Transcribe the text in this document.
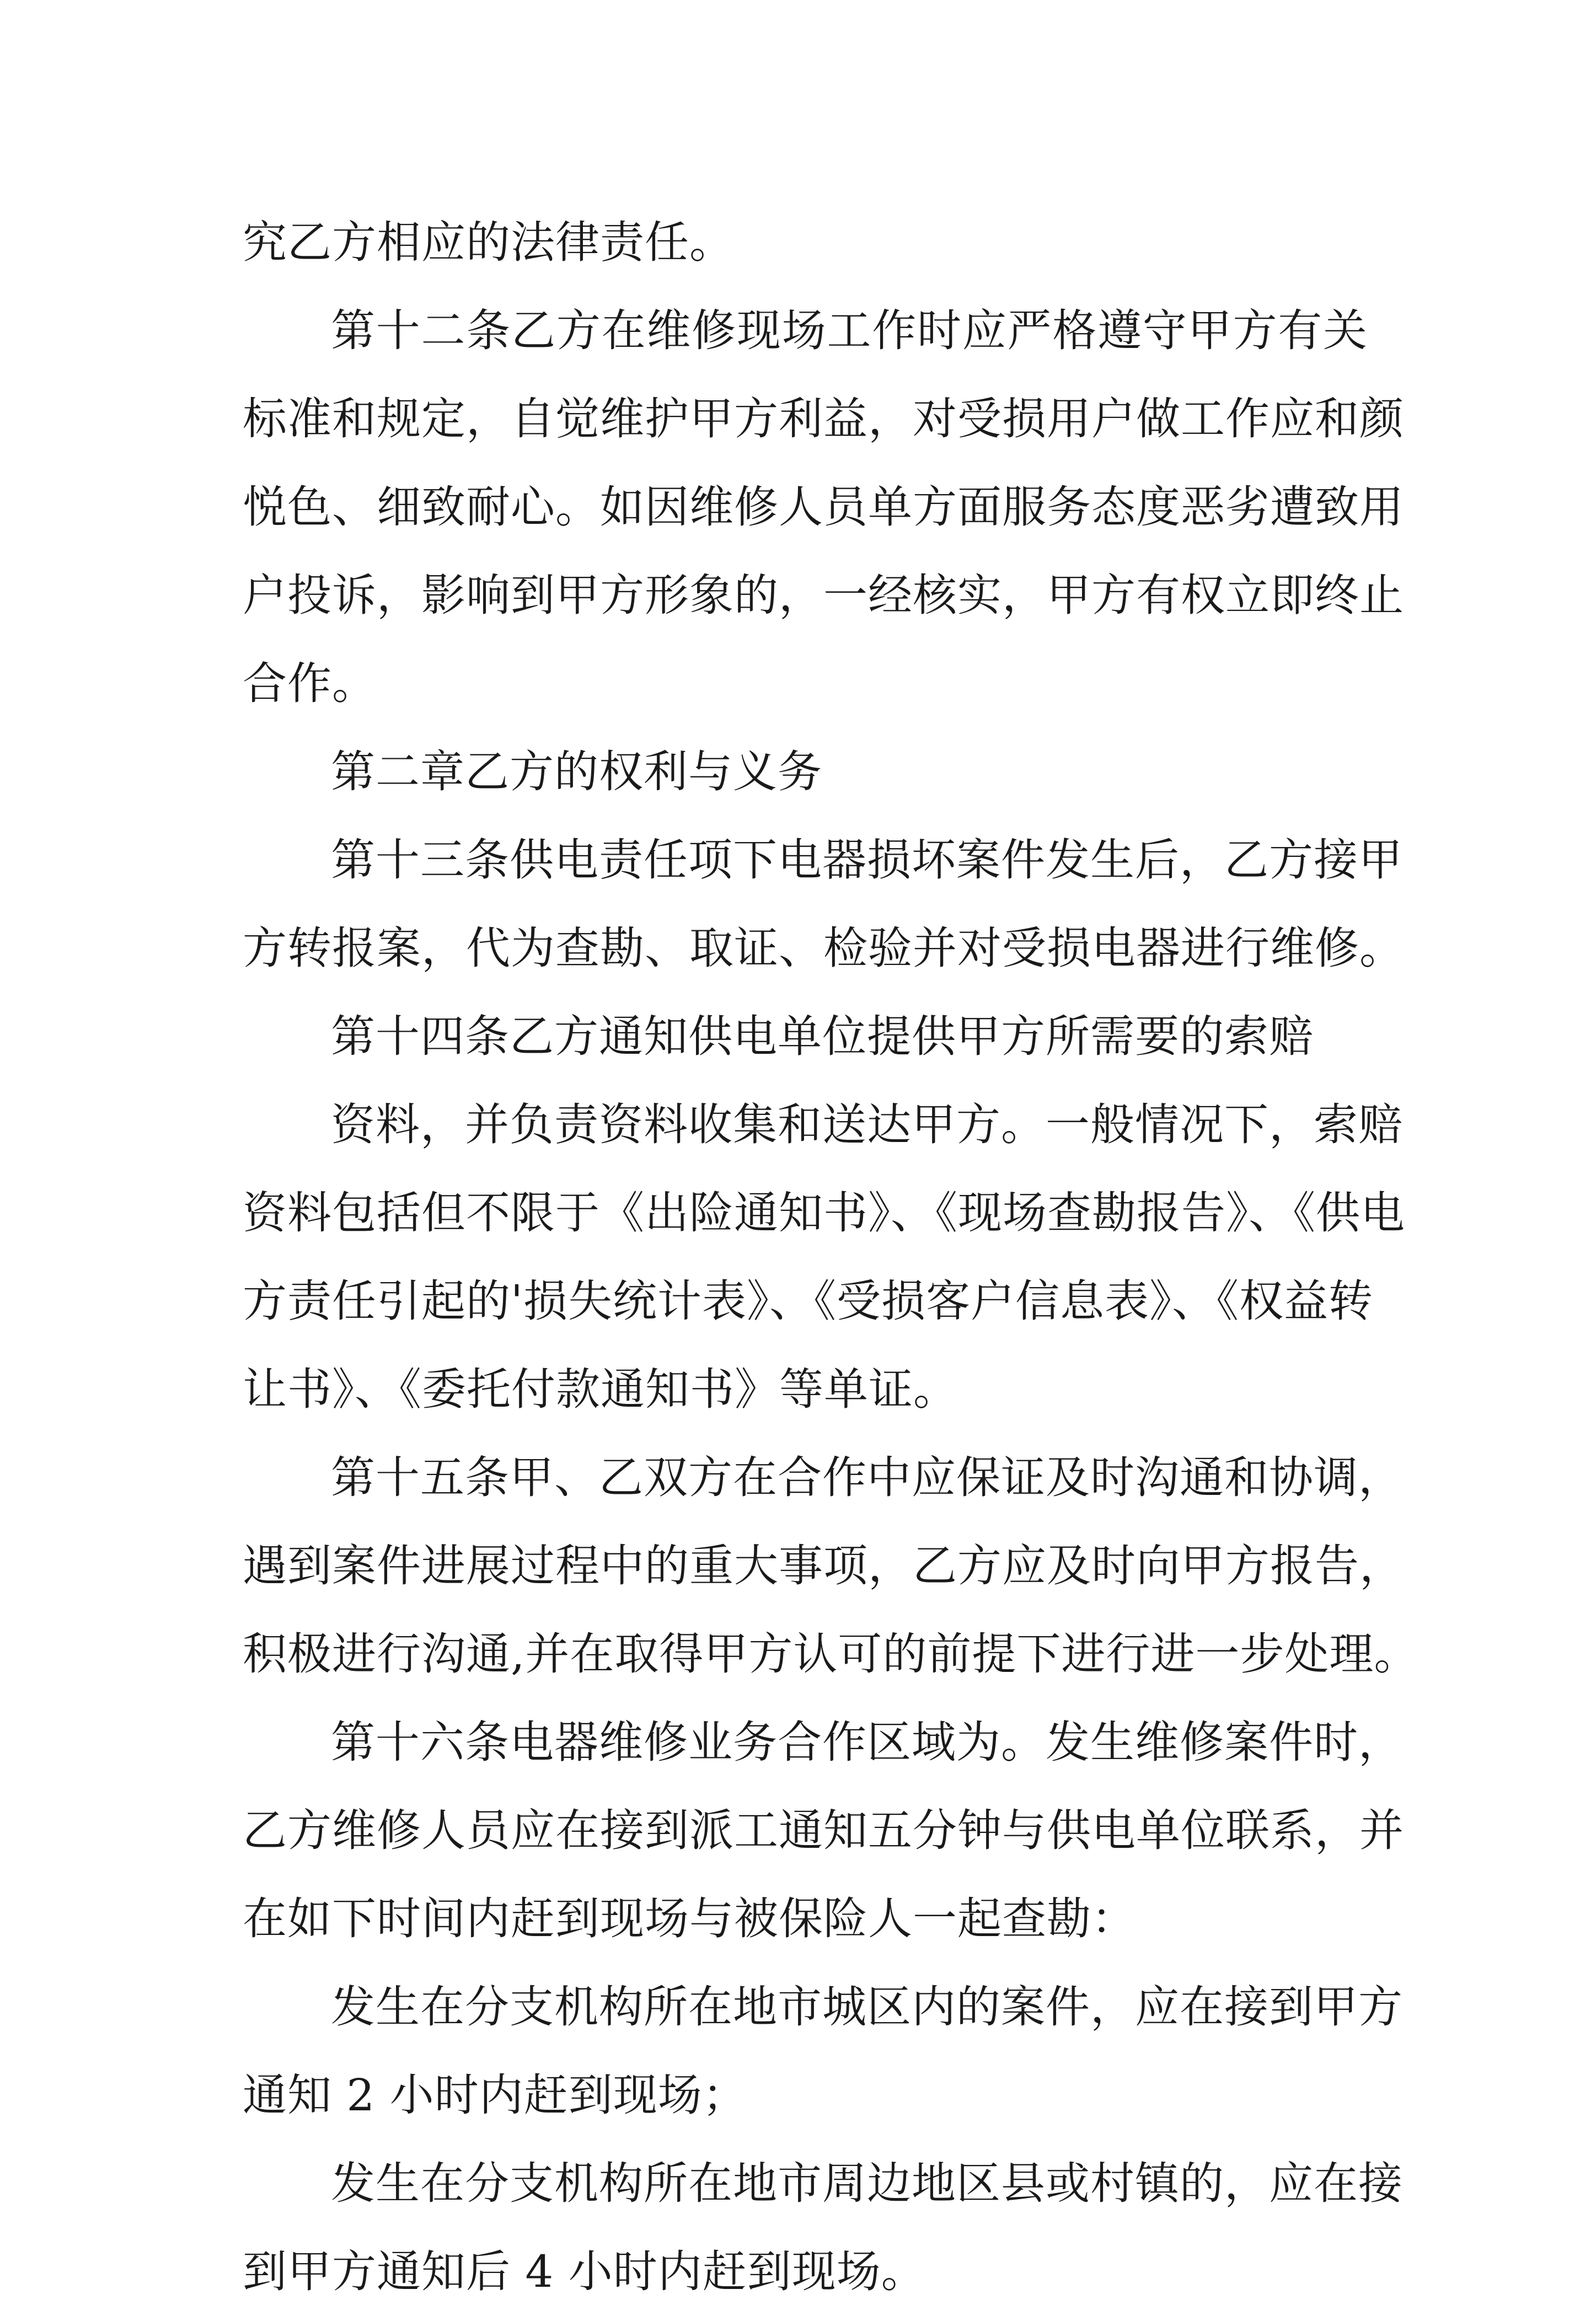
究乙方相应的法律责任。
第十二条乙方在维修现场工作时应严格遵守甲方有关
标准和规定，自觉维护甲方利益，对受损用户做工作应和颜
悦色、细致耐心。如因维修人员单方面服务态度恶劣遭致用
户投诉，影响到甲方形象的，一经核实，甲方有权立即终止
合作。
第二章乙方的权利与义务
第十三条供电责任项下电器损坏案件发生后，乙方接甲
方转报案，代为查勘、取证、检验并对受损电器进行维修。
第十四条乙方通知供电单位提供甲方所需要的索赔
资料，并负责资料收集和送达甲方。一般情况下，索赔
资料包括但不限于《出险通知书》、《现场查勘报告》、《供电
方责任引起的'损失统计表》、《受损客户信息表》、《权益转
让书》、《委托付款通知书》等单证。
第十五条甲、乙双方在合作中应保证及时沟通和协调，
遇到案件进展过程中的重大事项，乙方应及时向甲方报告，
积极进行沟通,并在取得甲方认可的前提下进行进一步处理。
第十六条电器维修业务合作区域为。发生维修案件时，
乙方维修人员应在接到派工通知五分钟与供电单位联系，并
在如下时间内赶到现场与被保险人一起查勘：
发生在分支机构所在地市城区内的案件，应在接到甲方
通知 2 小时内赶到现场；
发生在分支机构所在地市周边地区县或村镇的，应在接
到甲方通知后 4 小时内赶到现场。
